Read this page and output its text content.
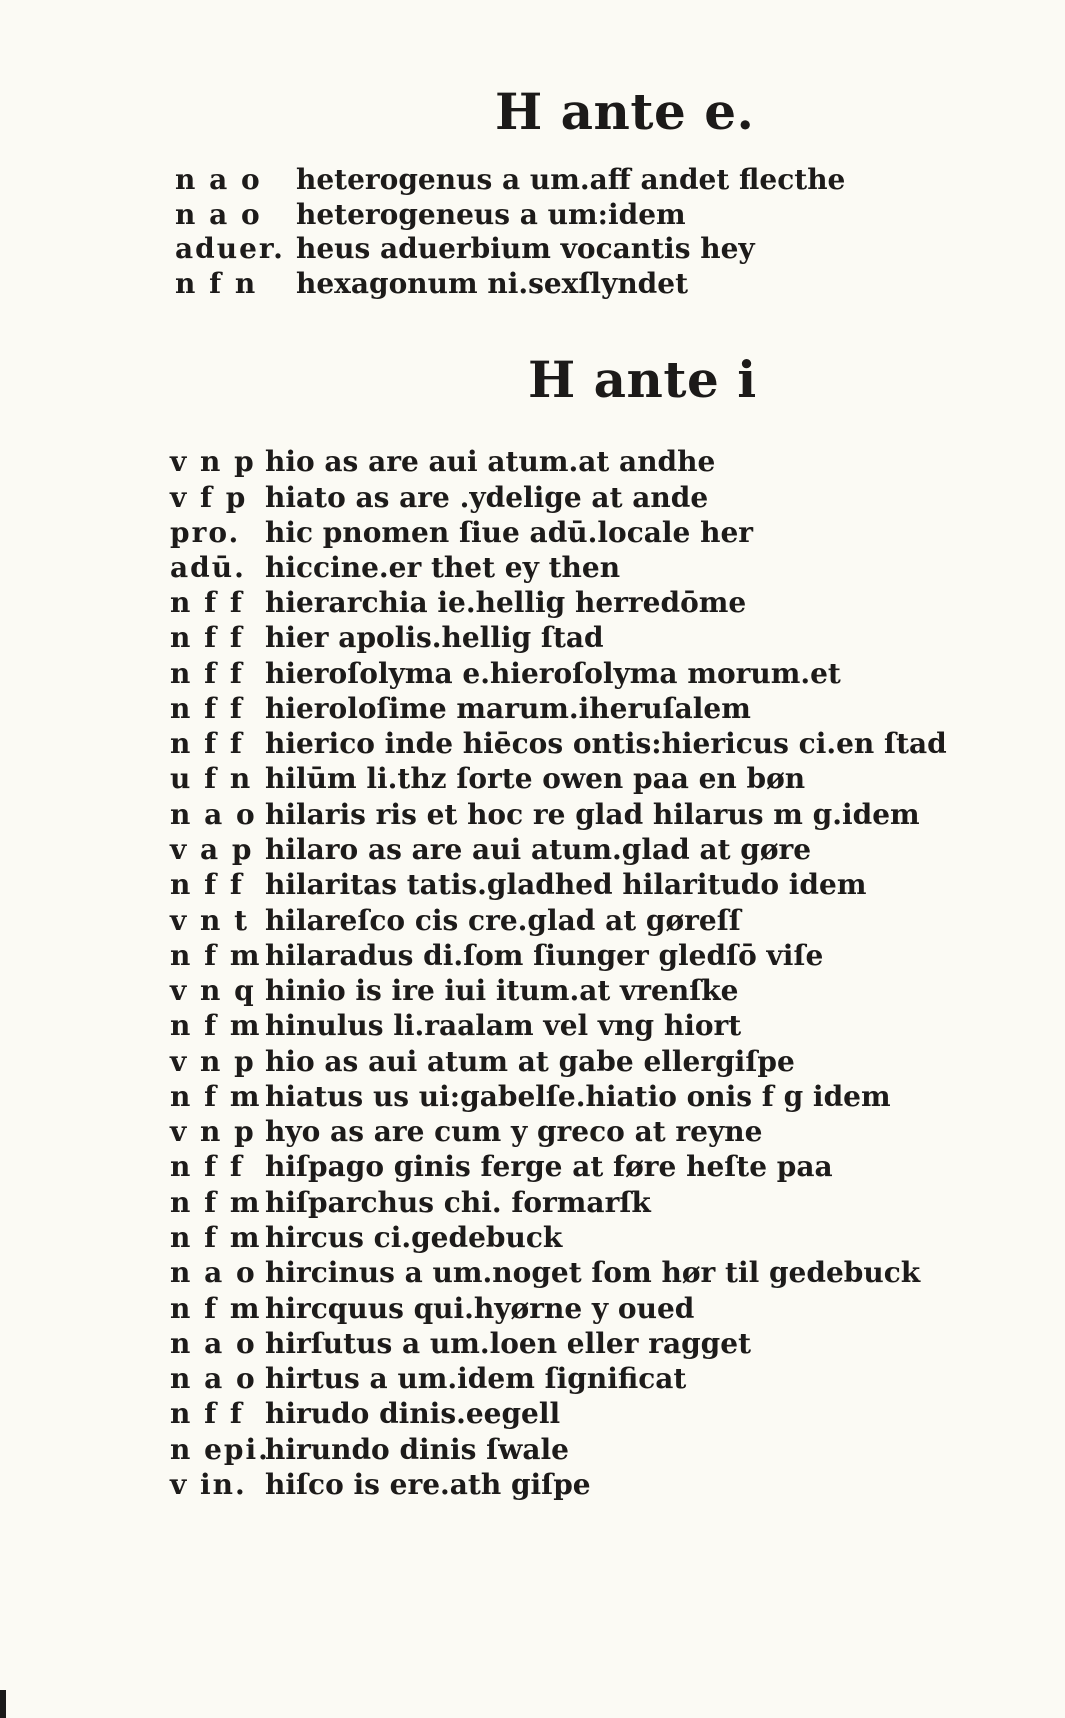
H ante e.
n a o heterogenus a um.aff andet flecthe
n a o heterogeneus a um:idem
aduer. heus aduerbium vocantis hey
n f n hexagonum ni.sexſlyndet
H ante i
v n p hio as are aui atum.at andhe
v f p hiato as are .ydelige at ande
pro. hic pnomen ſiue adū.locale her
adū. hiccine.er thet ey then
n f f hierarchia ie.hellig herredōme
n f f hier apolis.hellig ſtad
n f f hieroſolyma e.hieroſolyma morum.et
n f f hieroloſime marum.iheruſalem
n f f hierico inde hiēcos ontis:hiericus ci.en ſtad
u f n hilūm li.thz ſorte owen paa en bøn
n a o hilaris ris et hoc re glad hilarus m g.idem
v a p hilaro as are aui atum.glad at gøre
n f f hilaritas tatis.gladhed hilaritudo idem
v n t hilareſco cis cre.glad at gøreſſ
n f m hilaradus di.ſom ſiunger gledſō viſe
v n q hinio is ire iui itum.at vrenſke
n f m hinulus li.raalam vel vng hiort
v n p hio as aui atum at gabe ellergiſpe
n f m hiatus us ui:gabelſe.hiatio onis f g idem
v n p hyo as are cum y greco at reyne
n f f hiſpago ginis ferge at føre heſte paa
n f m hiſparchus chi. formarſk
n f m hircus ci.gedebuck
n a o hircinus a um.noget ſom hør til gedebuck
n f m hircquus qui.hyørne y oued
n a o hirſutus a um.loen eller ragget
n a o hirtus a um.idem ſignificat
n f f hirudo dinis.eegell
n epi.
hirundo dinis ſwale
v in. hiſco is ere.ath giſpe
